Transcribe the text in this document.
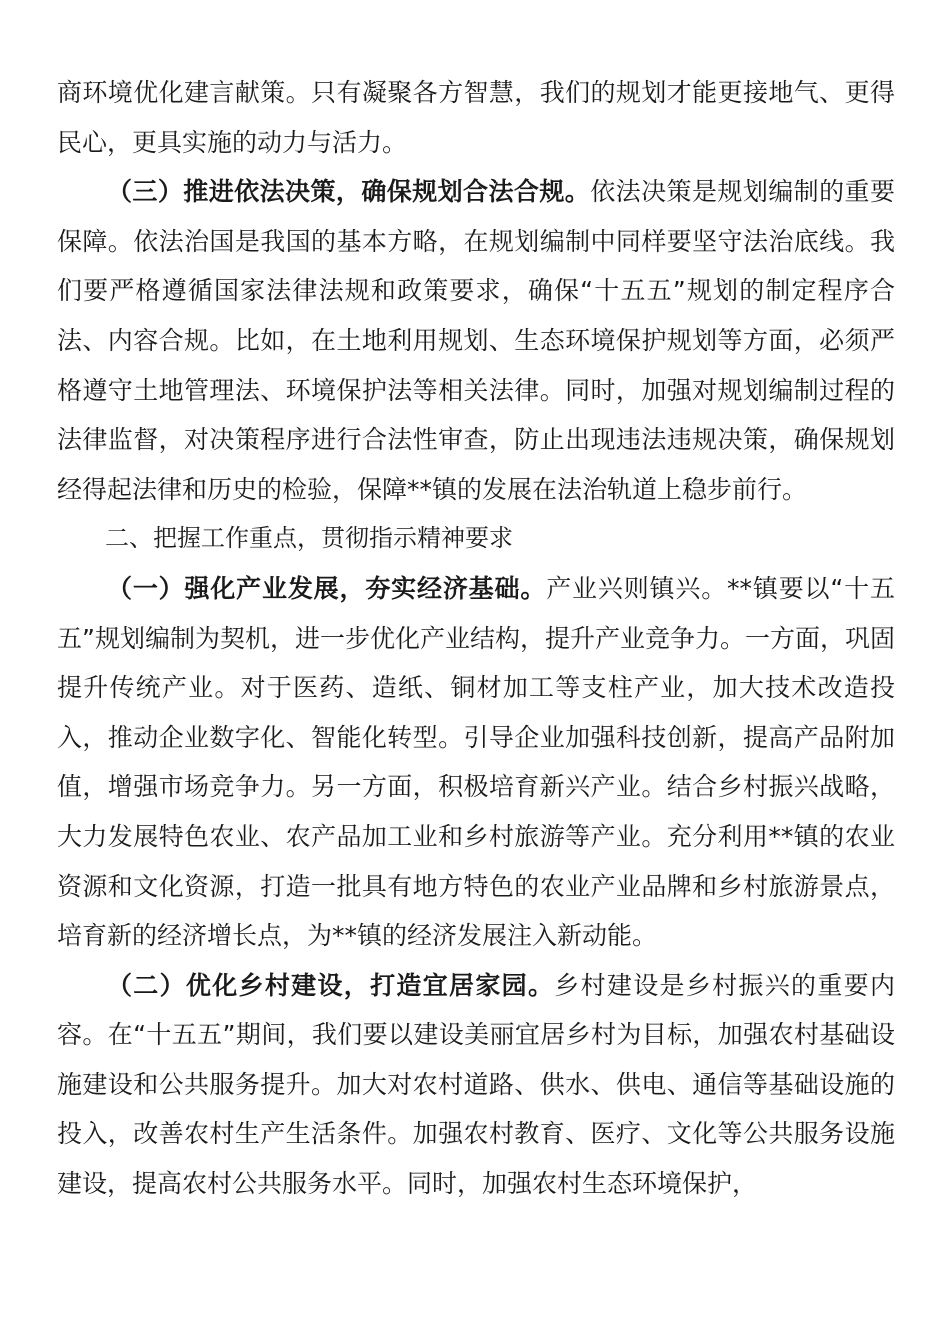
商环境优化建言献策。只有凝聚各方智慧，我们的规划才能更接地气、更得民心，更具实施的动力与活力。

（三）推进依法决策，确保规划合法合规。依法决策是规划编制的重要保障。依法治国是我国的基本方略，在规划编制中同样要坚守法治底线。我们要严格遵循国家法律法规和政策要求，确保“十五五”规划的制定程序合法、内容合规。比如，在土地利用规划、生态环境保护规划等方面，必须严格遵守土地管理法、环境保护法等相关法律。同时，加强对规划编制过程的法律监督，对决策程序进行合法性审查，防止出现违法违规决策，确保规划经得起法律和历史的检验，保障**镇的发展在法治轨道上稳步前行。

二、把握工作重点，贯彻指示精神要求

（一）强化产业发展，夯实经济基础。产业兴则镇兴。**镇要以“十五五”规划编制为契机，进一步优化产业结构，提升产业竞争力。一方面，巩固提升传统产业。对于医药、造纸、铜材加工等支柱产业，加大技术改造投入，推动企业数字化、智能化转型。引导企业加强科技创新，提高产品附加值，增强市场竞争力。另一方面，积极培育新兴产业。结合乡村振兴战略，大力发展特色农业、农产品加工业和乡村旅游等产业。充分利用**镇的农业资源和文化资源，打造一批具有地方特色的农业产业品牌和乡村旅游景点，培育新的经济增长点，为**镇的经济发展注入新动能。

（二）优化乡村建设，打造宜居家园。乡村建设是乡村振兴的重要内容。在“十五五”期间，我们要以建设美丽宜居乡村为目标，加强农村基础设施建设和公共服务提升。加大对农村道路、供水、供电、通信等基础设施的投入，改善农村生产生活条件。加强农村教育、医疗、文化等公共服务设施建设，提高农村公共服务水平。同时，加强农村生态环境保护，
